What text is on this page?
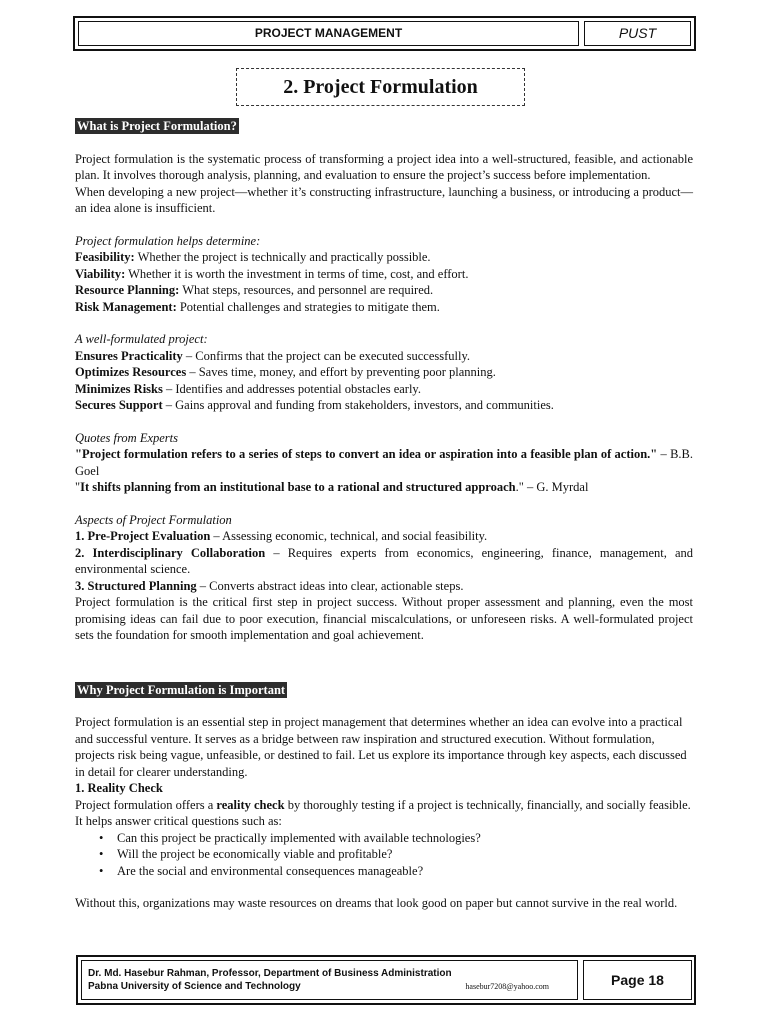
PROJECT MANAGEMENT	PUST
2. Project Formulation
What is Project Formulation?

Project formulation is the systematic process of transforming a project idea into a well-structured, feasible, and actionable plan. It involves thorough analysis, planning, and evaluation to ensure the project’s success before implementation.

When developing a new project—whether it’s constructing infrastructure, launching a business, or introducing a product—an idea alone is insufficient.

Project formulation helps determine:

Feasibility: Whether the project is technically and practically possible.

Viability: Whether it is worth the investment in terms of time, cost, and effort.

Resource Planning: What steps, resources, and personnel are required.

Risk Management: Potential challenges and strategies to mitigate them.

A well-formulated project:

Ensures Practicality – Confirms that the project can be executed successfully.

Optimizes Resources – Saves time, money, and effort by preventing poor planning.

Minimizes Risks – Identifies and addresses potential obstacles early.

Secures Support – Gains approval and funding from stakeholders, investors, and communities.

Quotes from Experts

"Project formulation refers to a series of steps to convert an idea or aspiration into a feasible plan of action." – B.B. Goel

"It shifts planning from an institutional base to a rational and structured approach." – G. Myrdal

Aspects of Project Formulation

1. Pre-Project Evaluation – Assessing economic, technical, and social feasibility.

2. Interdisciplinary Collaboration – Requires experts from economics, engineering, finance, management, and environmental science.

3. Structured Planning – Converts abstract ideas into clear, actionable steps.

Project formulation is the critical first step in project success. Without proper assessment and planning, even the most promising ideas can fail due to poor execution, financial miscalculations, or unforeseen risks. A well-formulated project sets the foundation for smooth implementation and goal achievement.

Why Project Formulation is Important

Project formulation is an essential step in project management that determines whether an idea can evolve into a practical and successful venture. It serves as a bridge between raw inspiration and structured execution. Without formulation, projects risk being vague, unfeasible, or destined to fail. Let us explore its importance through key aspects, each discussed in detail for clearer understanding.

1. Reality Check

Project formulation offers a reality check by thoroughly testing if a project is technically, financially, and socially feasible. It helps answer critical questions such as:

• Can this project be practically implemented with available technologies?
• Will the project be economically viable and profitable?
• Are the social and environmental consequences manageable?

Without this, organizations may waste resources on dreams that look good on paper but cannot survive in the real world.

Dr. Md. Hasebur Rahman, Professor, Department of Business Administration
Pabna University of Science and Technology	hasebur7208@yahoo.com	Page 18
